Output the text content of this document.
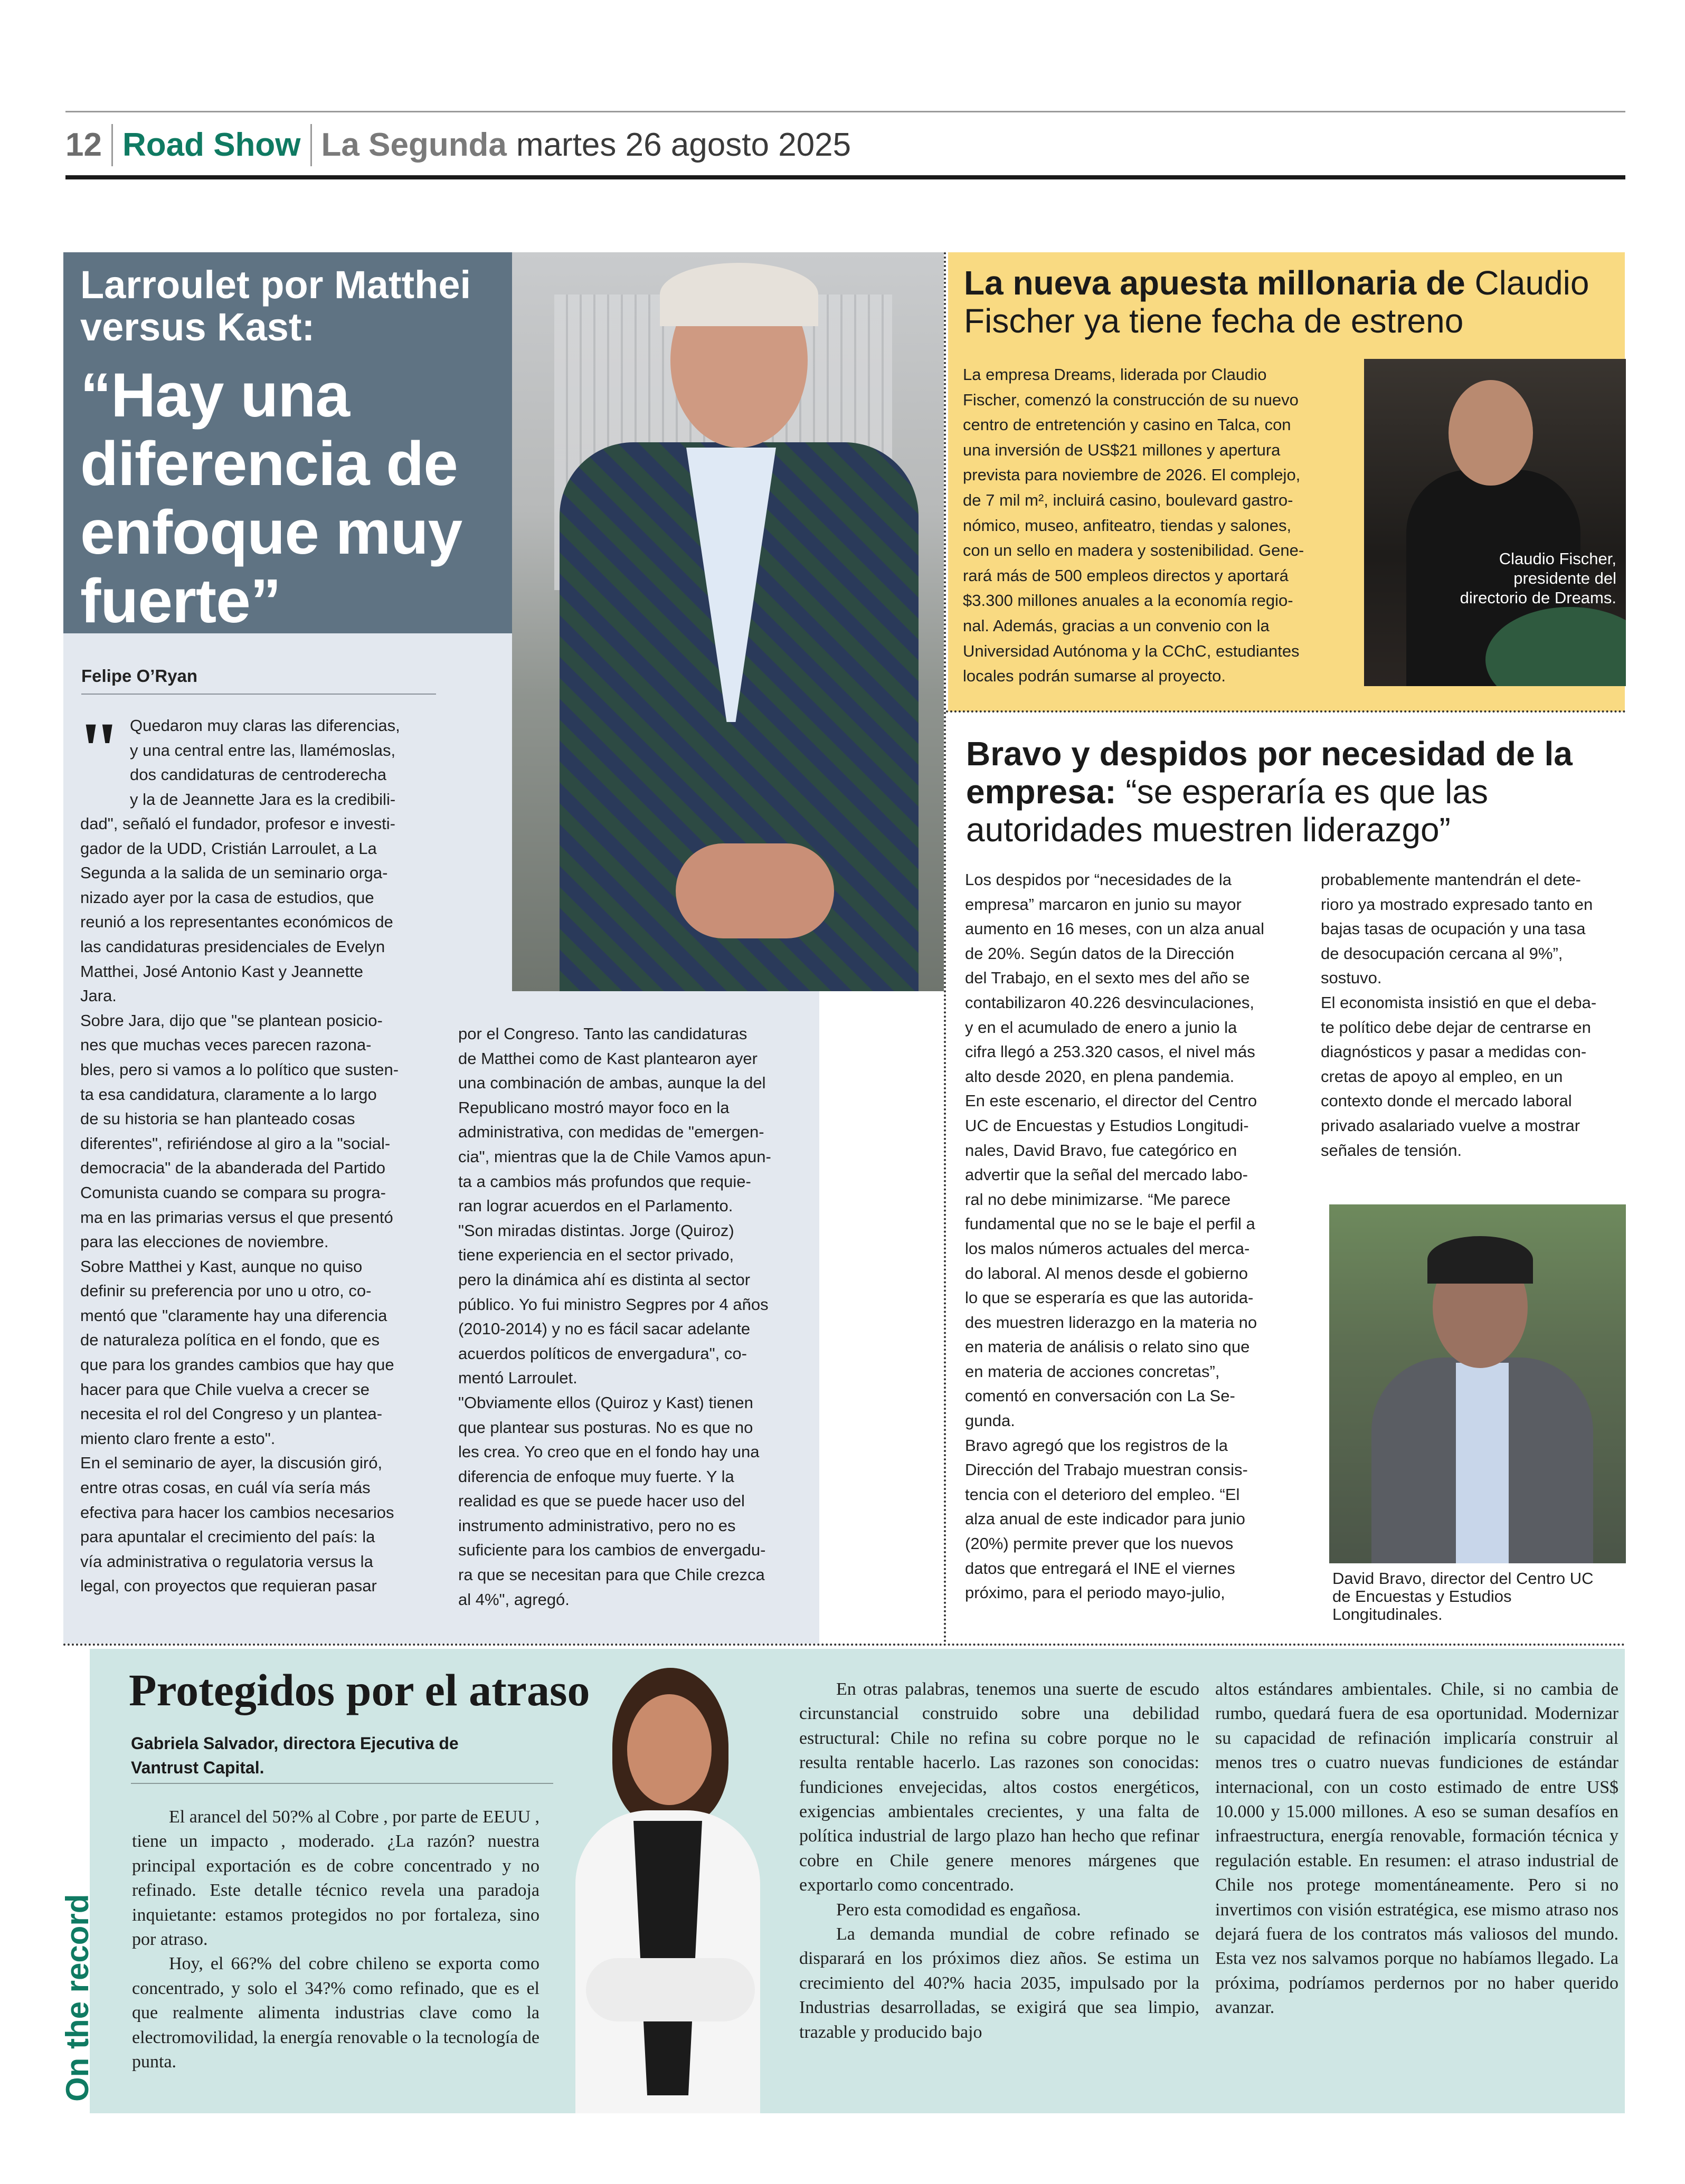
12 Road Show La Segunda martes 26 agosto 2025
Larroulet por Matthei
versus Kast:
“Hay una
diferencia de
enfoque muy
fuerte”
Felipe O’Ryan
" Quedaron muy claras las diferencias,

y una central entre las, llamémoslas,

dos candidaturas de centroderecha

y la de Jeannette Jara es la credibili-

dad", señaló el fundador, profesor e investi-

gador de la UDD, Cristián Larroulet, a La

Segunda a la salida de un seminario orga-

nizado ayer por la casa de estudios, que

reunió a los representantes económicos de

las candidaturas presidenciales de Evelyn

Matthei, José Antonio Kast y Jeannette

Jara.

Sobre Jara, dijo que "se plantean posicio-

nes que muchas veces parecen razona-

bles, pero si vamos a lo político que susten-

ta esa candidatura, claramente a lo largo

de su historia se han planteado cosas

diferentes", refiriéndose al giro a la "social-

democracia" de la abanderada del Partido

Comunista cuando se compara su progra-

ma en las primarias versus el que presentó

para las elecciones de noviembre.

Sobre Matthei y Kast, aunque no quiso

definir su preferencia por uno u otro, co-

mentó que "claramente hay una diferencia

de naturaleza política en el fondo, que es

que para los grandes cambios que hay que

hacer para que Chile vuelva a crecer se

necesita el rol del Congreso y un plantea-

miento claro frente a esto".

En el seminario de ayer, la discusión giró,

entre otras cosas, en cuál vía sería más

efectiva para hacer los cambios necesarios

para apuntalar el crecimiento del país: la

vía administrativa o regulatoria versus la

legal, con proyectos que requieran pasar

por el Congreso. Tanto las candidaturas

de Matthei como de Kast plantearon ayer

una combinación de ambas, aunque la del

Republicano mostró mayor foco en la

administrativa, con medidas de "emergen-

cia", mientras que la de Chile Vamos apun-

ta a cambios más profundos que requie-

ran lograr acuerdos en el Parlamento.

"Son miradas distintas. Jorge (Quiroz)

tiene experiencia en el sector privado,

pero la dinámica ahí es distinta al sector

público. Yo fui ministro Segpres por 4 años

(2010-2014) y no es fácil sacar adelante

acuerdos políticos de envergadura", co-

mentó Larroulet.

"Obviamente ellos (Quiroz y Kast) tienen

que plantear sus posturas. No es que no

les crea. Yo creo que en el fondo hay una

diferencia de enfoque muy fuerte. Y la

realidad es que se puede hacer uso del

instrumento administrativo, pero no es

suficiente para los cambios de envergadu-

ra que se necesitan para que Chile crezca

al 4%", agregó.

La nueva apuesta millonaria de Claudio Fischer ya tiene fecha de estreno

La empresa Dreams, liderada por Claudio

Fischer, comenzó la construcción de su nuevo

centro de entretención y casino en Talca, con

una inversión de US$21 millones y apertura

prevista para noviembre de 2026. El complejo,

de 7 mil m², incluirá casino, boulevard gastro-

nómico, museo, anfiteatro, tiendas y salones,

con un sello en madera y sostenibilidad. Gene-

rará más de 500 empleos directos y aportará

$3.300 millones anuales a la economía regio-

nal. Además, gracias a un convenio con la

Universidad Autónoma y la CChC, estudiantes

locales podrán sumarse al proyecto.

Claudio Fischer,
presidente del
directorio de Dreams.
Bravo y despidos por necesidad de la empresa: “se esperaría es que las autoridades muestren liderazgo”

Los despidos por “necesidades de la

empresa” marcaron en junio su mayor

aumento en 16 meses, con un alza anual

de 20%. Según datos de la Dirección

del Trabajo, en el sexto mes del año se

contabilizaron 40.226 desvinculaciones,

y en el acumulado de enero a junio la

cifra llegó a 253.320 casos, el nivel más

alto desde 2020, en plena pandemia.

En este escenario, el director del Centro

UC de Encuestas y Estudios Longitudi-

nales, David Bravo, fue categórico en

advertir que la señal del mercado labo-

ral no debe minimizarse. “Me parece

fundamental que no se le baje el perfil a

los malos números actuales del merca-

do laboral. Al menos desde el gobierno

lo que se esperaría es que las autorida-

des muestren liderazgo en la materia no

en materia de análisis o relato sino que

en materia de acciones concretas”,

comentó en conversación con La Se-

gunda.

Bravo agregó que los registros de la

Dirección del Trabajo muestran consis-

tencia con el deterioro del empleo. “El

alza anual de este indicador para junio

(20%) permite prever que los nuevos

datos que entregará el INE el viernes

próximo, para el periodo mayo-julio,

probablemente mantendrán el dete-

rioro ya mostrado expresado tanto en

bajas tasas de ocupación y una tasa

de desocupación cercana al 9%”,

sostuvo.

El economista insistió en que el deba-

te político debe dejar de centrarse en

diagnósticos y pasar a medidas con-

cretas de apoyo al empleo, en un

contexto donde el mercado laboral

privado asalariado vuelve a mostrar

señales de tensión.

David Bravo, director del Centro UC
de Encuestas y Estudios
Longitudinales.
On the record
Protegidos por el atraso
Gabriela Salvador, directora Ejecutiva de
Vantrust Capital.

El arancel del 50?% al Cobre , por parte de EEUU , tiene un impacto , moderado. ¿La razón? nuestra principal exportación es de cobre concentrado y no refinado. Este detalle técnico revela una paradoja inquietante: estamos protegidos no por fortaleza, sino por atraso.

Hoy, el 66?% del cobre chileno se exporta como concentrado, y solo el 34?% como refinado, que es el que realmente alimenta industrias clave como la electromovilidad, la energía renovable o la tecnología de punta.

En otras palabras, tenemos una suerte de escudo circunstancial construido sobre una debilidad estructural: Chile no refina su cobre porque no le resulta rentable hacerlo. Las razones son conocidas: fundiciones envejecidas, altos costos energéticos, exigencias ambientales crecientes, y una falta de política industrial de largo plazo han hecho que refinar cobre en Chile genere menores márgenes que exportarlo como concentrado.

Pero esta comodidad es engañosa.

La demanda mundial de cobre refinado se disparará en los próximos diez años. Se estima un crecimiento del 40?% hacia 2035, impulsado por la Industrias desarrolladas, se exigirá que sea limpio, trazable y producido bajo

altos estándares ambientales. Chile, si no cambia de rumbo, quedará fuera de esa oportunidad. Modernizar su capacidad de refinación implicaría construir al menos tres o cuatro nuevas fundiciones de estándar internacional, con un costo estimado de entre US$ 10.000 y 15.000 millones. A eso se suman desafíos en infraestructura, energía renovable, formación técnica y regulación estable. En resumen: el atraso industrial de Chile nos protege momentáneamente. Pero si no invertimos con visión estratégica, ese mismo atraso nos dejará fuera de los contratos más valiosos del mundo. Esta vez nos salvamos porque no habíamos llegado. La próxima, podríamos perdernos por no haber querido avanzar.
